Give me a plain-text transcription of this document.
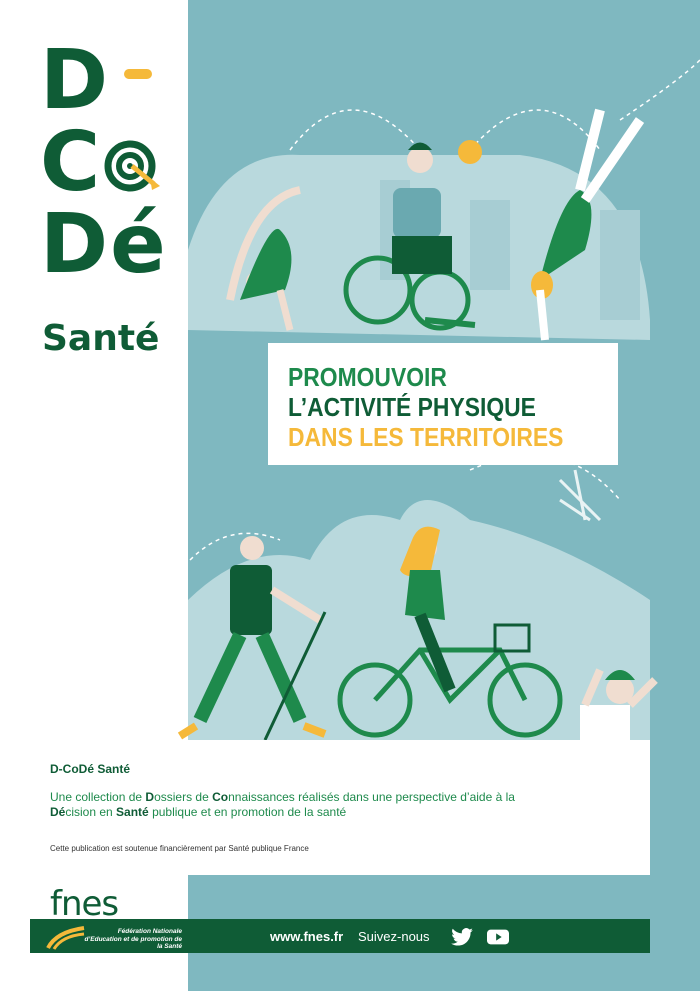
D
C
Dé
Santé
PROMOUVOIR
L’ACTIVITÉ PHYSIQUE
DANS LES TERRITOIRES
D-CoDé Santé
Une collection de Dossiers de Connaissances réalisés dans une perspective d’aide à la Décision en Santé publique et en promotion de la santé
Cette publication est soutenue financièrement par Santé publique France
fnes
Fédération Nationale d’Education et de promotion de la Santé
www.fnes.fr Suivez-nous
